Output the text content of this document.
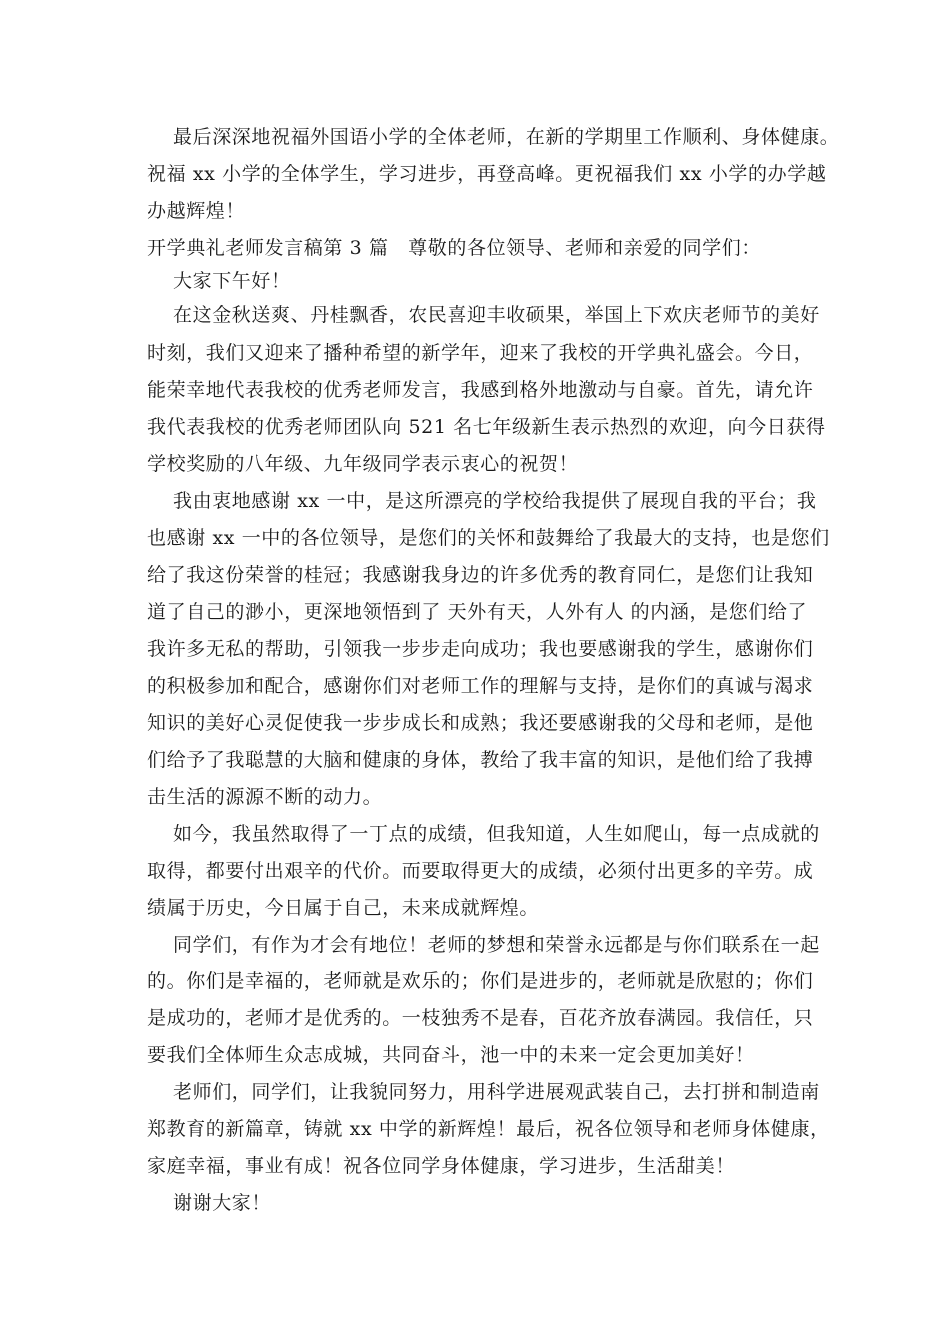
最后深深地祝福外国语小学的全体老师，在新的学期里工作顺利、身体健康。
祝福 xx 小学的全体学生，学习进步，再登高峰。更祝福我们 xx 小学的办学越
办越辉煌！
开学典礼老师发言稿第 3 篇　尊敬的各位领导、老师和亲爱的同学们：
大家下午好！
在这金秋送爽、丹桂飘香，农民喜迎丰收硕果，举国上下欢庆老师节的美好
时刻，我们又迎来了播种希望的新学年，迎来了我校的开学典礼盛会。今日，
能荣幸地代表我校的优秀老师发言，我感到格外地激动与自豪。首先，请允许
我代表我校的优秀老师团队向 521 名七年级新生表示热烈的欢迎，向今日获得
学校奖励的八年级、九年级同学表示衷心的祝贺！
我由衷地感谢 xx 一中，是这所漂亮的学校给我提供了展现自我的平台；我
也感谢 xx 一中的各位领导，是您们的关怀和鼓舞给了我最大的支持，也是您们
给了我这份荣誉的桂冠；我感谢我身边的许多优秀的教育同仁，是您们让我知
道了自己的渺小，更深地领悟到了 天外有天，人外有人 的内涵，是您们给了
我许多无私的帮助，引领我一步步走向成功；我也要感谢我的学生，感谢你们
的积极参加和配合，感谢你们对老师工作的理解与支持，是你们的真诚与渴求
知识的美好心灵促使我一步步成长和成熟；我还要感谢我的父母和老师，是他
们给予了我聪慧的大脑和健康的身体，教给了我丰富的知识，是他们给了我搏
击生活的源源不断的动力。
如今，我虽然取得了一丁点的成绩，但我知道，人生如爬山，每一点成就的
取得，都要付出艰辛的代价。而要取得更大的成绩，必须付出更多的辛劳。成
绩属于历史，今日属于自己，未来成就辉煌。
同学们，有作为才会有地位！老师的梦想和荣誉永远都是与你们联系在一起
的。你们是幸福的，老师就是欢乐的；你们是进步的，老师就是欣慰的；你们
是成功的，老师才是优秀的。一枝独秀不是春，百花齐放春满园。我信任，只
要我们全体师生众志成城，共同奋斗，池一中的未来一定会更加美好！
老师们，同学们，让我貌同努力，用科学进展观武装自己，去打拼和制造南
郑教育的新篇章，铸就 xx 中学的新辉煌！最后，祝各位领导和老师身体健康，
家庭幸福，事业有成！祝各位同学身体健康，学习进步，生活甜美！
谢谢大家！
